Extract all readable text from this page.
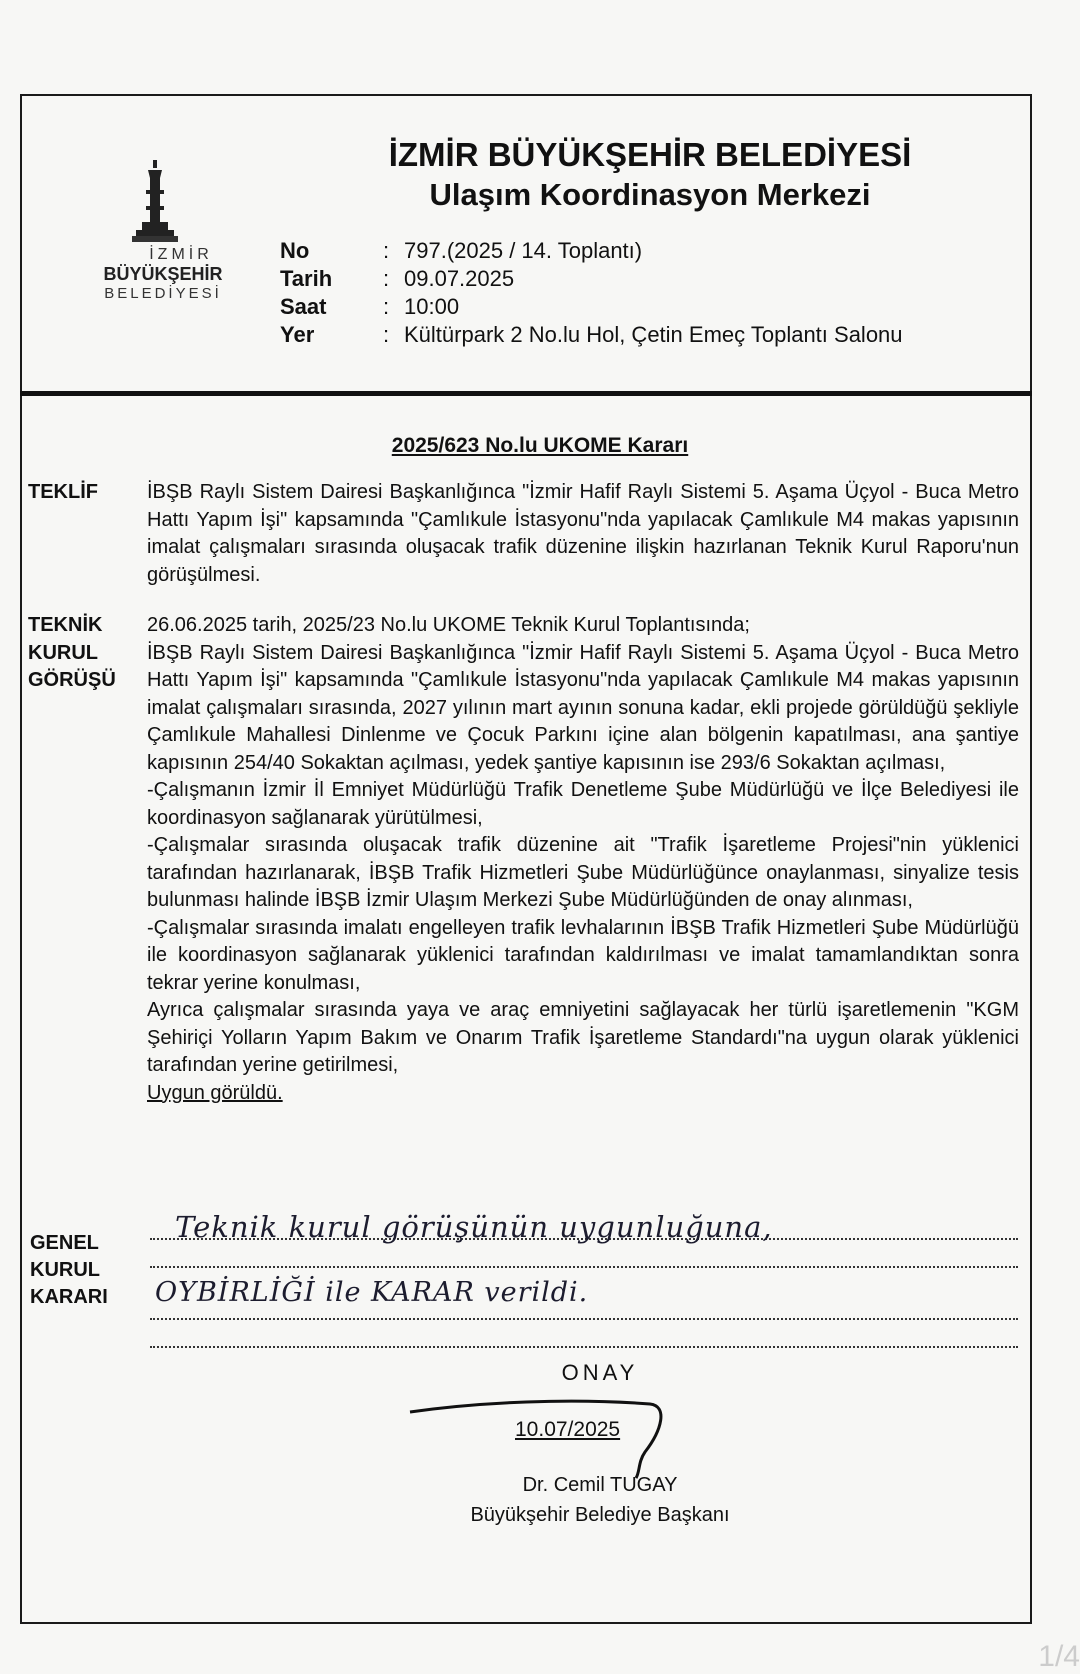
İZMİR
BÜYÜKŞEHİR
BELEDİYESİ
İZMİR BÜYÜKŞEHİR BELEDİYESİ
Ulaşım Koordinasyon Merkezi
No	: 797.(2025 / 14. Toplantı)
Tarih	: 09.07.2025
Saat	: 10:00
Yer	: Kültürpark 2 No.lu Hol, Çetin Emeç Toplantı Salonu
2025/623 No.lu UKOME Kararı
TEKLİF İBŞB Raylı Sistem Dairesi Başkanlığınca "İzmir Hafif Raylı Sistemi 5. Aşama Üçyol - Buca Metro Hattı Yapım İşi" kapsamında "Çamlıkule İstasyonu"nda yapılacak Çamlıkule M4 makas yapısının imalat çalışmaları sırasında oluşacak trafik düzenine ilişkin hazırlanan Teknik Kurul Raporu'nun görüşülmesi.

TEKNİK
KURUL
GÖRÜŞÜ

26.06.2025 tarih, 2025/23 No.lu UKOME Teknik Kurul Toplantısında;

İBŞB Raylı Sistem Dairesi Başkanlığınca "İzmir Hafif Raylı Sistemi 5. Aşama Üçyol - Buca Metro Hattı Yapım İşi" kapsamında "Çamlıkule İstasyonu"nda yapılacak Çamlıkule M4 makas yapısının imalat çalışmaları sırasında, 2027 yılının mart ayının sonuna kadar, ekli projede görüldüğü şekliyle Çamlıkule Mahallesi Dinlenme ve Çocuk Parkını içine alan bölgenin kapatılması, ana şantiye kapısının 254/40 Sokaktan açılması, yedek şantiye kapısının ise 293/6 Sokaktan açılması,

-Çalışmanın İzmir İl Emniyet Müdürlüğü Trafik Denetleme Şube Müdürlüğü ve İlçe Belediyesi ile koordinasyon sağlanarak yürütülmesi,

-Çalışmalar sırasında oluşacak trafik düzenine ait "Trafik İşaretleme Projesi"nin yüklenici tarafından hazırlanarak, İBŞB Trafik Hizmetleri Şube Müdürlüğünce onaylanması, sinyalize tesis bulunması halinde İBŞB İzmir Ulaşım Merkezi Şube Müdürlüğünden de onay alınması,

-Çalışmalar sırasında imalatı engelleyen trafik levhalarının İBŞB Trafik Hizmetleri Şube Müdürlüğü ile koordinasyon sağlanarak yüklenici tarafından kaldırılması ve imalat tamamlandıktan sonra tekrar yerine konulması,

Ayrıca çalışmalar sırasında yaya ve araç emniyetini sağlayacak her türlü işaretlemenin "KGM Şehiriçi Yolların Yapım Bakım ve Onarım Trafik İşaretleme Standardı"na uygun olarak yüklenici tarafından yerine getirilmesi,

Uygun görüldü.

GENEL
KURUL
KARARI
Teknik kurul görüşünün uygunluğuna,
OYBİRLİĞİ ile KARAR verildi.
ONAY
10.07/2025
Dr. Cemil TUGAY
Büyükşehir Belediye Başkanı
1/4
